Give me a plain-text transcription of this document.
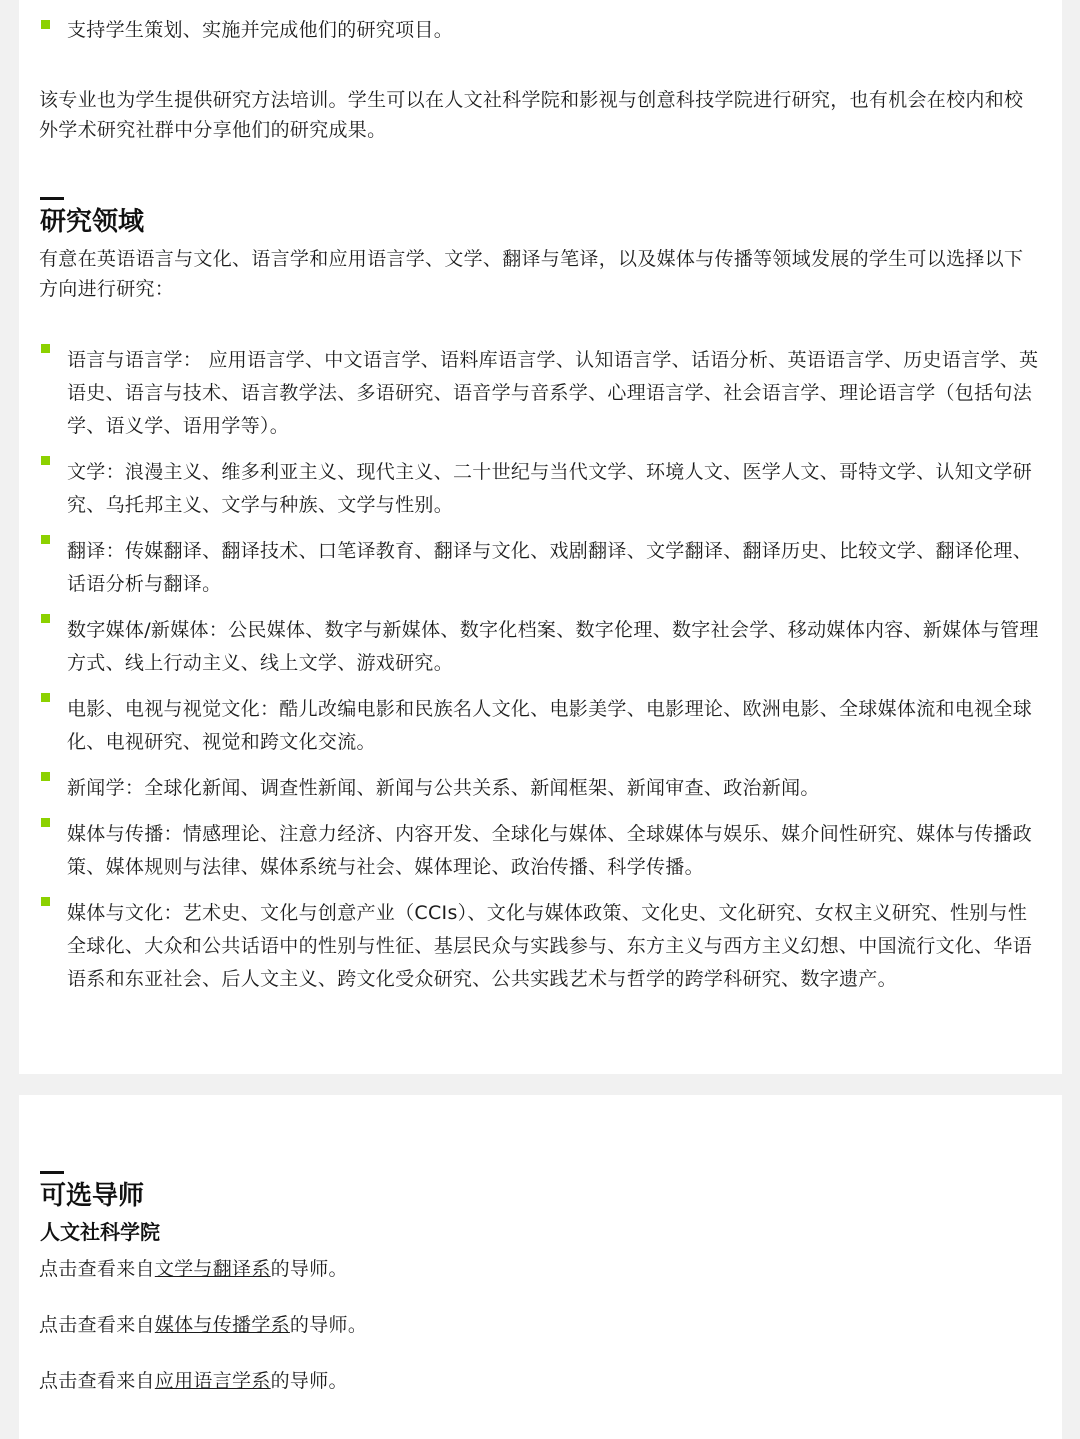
支持学生策划、实施并完成他们的研究项目。
该专业也为学生提供研究方法培训。学生可以在人文社科学院和影视与创意科技学院进行研究，也有机会在校内和校外学术研究社群中分享他们的研究成果。
研究领域
有意在英语语言与文化、语言学和应用语言学、文学、翻译与笔译，以及媒体与传播等领域发展的学生可以选择以下方向进行研究：
语言与语言学： 应用语言学、中文语言学、语料库语言学、认知语言学、话语分析、英语语言学、历史语言学、英语史、语言与技术、语言教学法、多语研究、语音学与音系学、心理语言学、社会语言学、理论语言学（包括句法学、语义学、语用学等）。
文学：浪漫主义、维多利亚主义、现代主义、二十世纪与当代文学、环境人文、医学人文、哥特文学、认知文学研究、乌托邦主义、文学与种族、文学与性别。
翻译：传媒翻译、翻译技术、口笔译教育、翻译与文化、戏剧翻译、文学翻译、翻译历史、比较文学、翻译伦理、话语分析与翻译。
数字媒体/新媒体：公民媒体、数字与新媒体、数字化档案、数字伦理、数字社会学、移动媒体内容、新媒体与管理方式、线上行动主义、线上文学、游戏研究。
电影、电视与视觉文化：酷儿改编电影和民族名人文化、电影美学、电影理论、欧洲电影、全球媒体流和电视全球化、电视研究、视觉和跨文化交流。
新闻学：全球化新闻、调查性新闻、新闻与公共关系、新闻框架、新闻审查、政治新闻。
媒体与传播：情感理论、注意力经济、内容开发、全球化与媒体、全球媒体与娱乐、媒介间性研究、媒体与传播政策、媒体规则与法律、媒体系统与社会、媒体理论、政治传播、科学传播。
媒体与文化：艺术史、文化与创意产业（CCIs）、文化与媒体政策、文化史、文化研究、女权主义研究、性别与性全球化、大众和公共话语中的性别与性征、基层民众与实践参与、东方主义与西方主义幻想、中国流行文化、华语语系和东亚社会、后人文主义、跨文化受众研究、公共实践艺术与哲学的跨学科研究、数字遗产。
可选导师
人文社科学院
点击查看来自文学与翻译系的导师。
点击查看来自媒体与传播学系的导师。
点击查看来自应用语言学系的导师。
